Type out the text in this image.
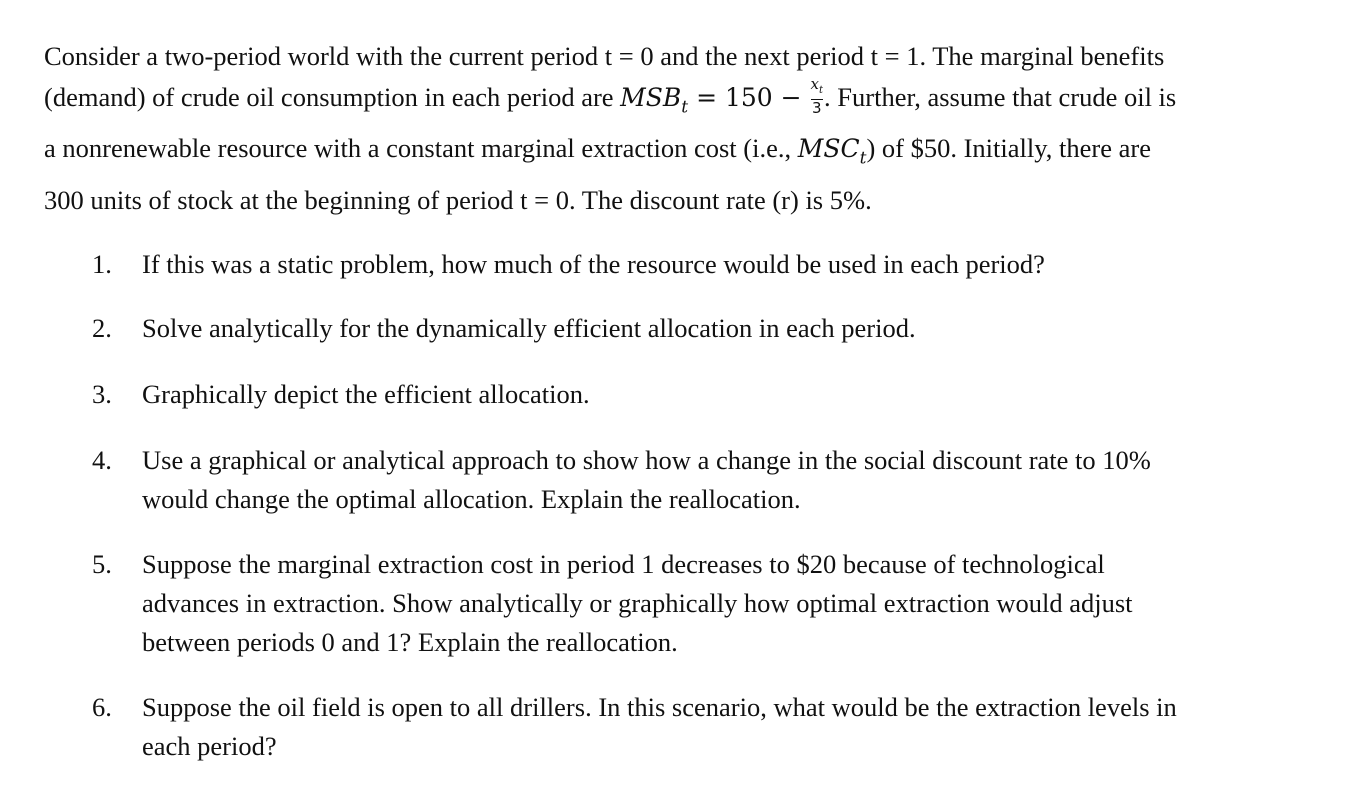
Consider a two-period world with the current period t = 0 and the next period t = 1. The marginal benefits
(demand) of crude oil consumption in each period are $MSB_t = 150 - \frac{x_t}{3}$ . Further, assume that crude oil is
a nonrenewable resource with a constant marginal extraction cost (i.e., $MSC_t$) of $50. Initially, there are
300 units of stock at the beginning of period t = 0. The discount rate (r) is 5%.

1.	If this was a static problem, how much of the resource would be used in each period?
2.	Solve analytically for the dynamically efficient allocation in each period.
3.	Graphically depict the efficient allocation.
4.	Use a graphical or analytical approach to show how a change in the social discount rate to 10%
would change the optimal allocation. Explain the reallocation.
5.	Suppose the marginal extraction cost in period 1 decreases to $20 because of technological
advances in extraction. Show analytically or graphically how optimal extraction would adjust
between periods 0 and 1? Explain the reallocation.
6.	Suppose the oil field is open to all drillers. In this scenario, what would be the extraction levels in
each period?
